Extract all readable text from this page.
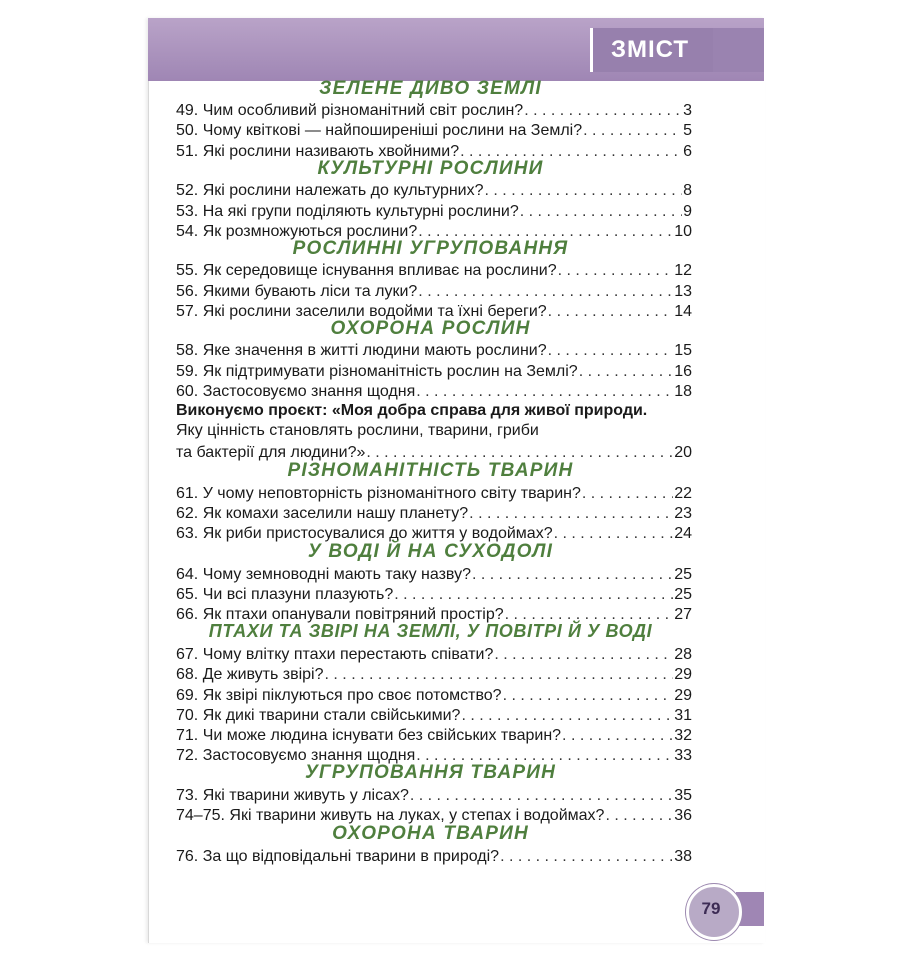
ЗМІСТ
ЗЕЛЕНЕ ДИВО ЗЕМЛІ
49. Чим особливий різноманітний світ рослин? . . .	3
50. Чому квіткові — найпоширеніші рослини на Землі? . . .	5
51. Які рослини називають хвойними? . . .	6
КУЛЬТУРНІ РОСЛИНИ
52. Які рослини належать до культурних? . . .	8
53. На які групи поділяють культурні рослини? . . .	9
54. Як розмножуються рослини? . . .	10
РОСЛИННІ УГРУПОВАННЯ
55. Як середовище існування впливає на рослини? . . .	12
56. Якими бувають ліси та луки? . . .	13
57. Які рослини заселили водойми та їхні береги? . . .	14
ОХОРОНА РОСЛИН
58. Яке значення в житті людини мають рослини? . . .	15
59. Як підтримувати різноманітність рослин на Землі? . . .	16
60. Застосовуємо знання щодня . . .	18
Виконуємо проєкт: «Моя добра справа для живої природи.
Яку цінність становлять рослини, тварини, гриби
та бактерії для людини?» . . .	20
РІЗНОМАНІТНІСТЬ ТВАРИН
61. У чому неповторність різноманітного світу тварин? . . .	22
62. Як комахи заселили нашу планету? . . .	23
63. Як риби пристосувалися до життя у водоймах? . . .	24
У ВОДІ Й НА СУХОДОЛІ
64. Чому земноводні мають таку назву? . . .	25
65. Чи всі плазуни плазують? . . .	25
66. Як птахи опанували повітряний простір? . . .	27
ПТАХИ ТА ЗВІРІ НА ЗЕМЛІ, У ПОВІТРІ Й У ВОДІ
67. Чому влітку птахи перестають співати? . . .	28
68. Де живуть звірі? . . .	29
69. Як звірі піклуються про своє потомство? . . .	29
70. Як дикі тварини стали свійськими? . . .	31
71. Чи може людина існувати без свійських тварин? . . .	32
72. Застосовуємо знання щодня . . .	33
УГРУПОВАННЯ ТВАРИН
73. Які тварини живуть у лісах? . . .	35
74–75. Які тварини живуть на луках, у степах і водоймах? . . .	36
ОХОРОНА ТВАРИН
76. За що відповідальні тварини в природі? . . .	38
79
